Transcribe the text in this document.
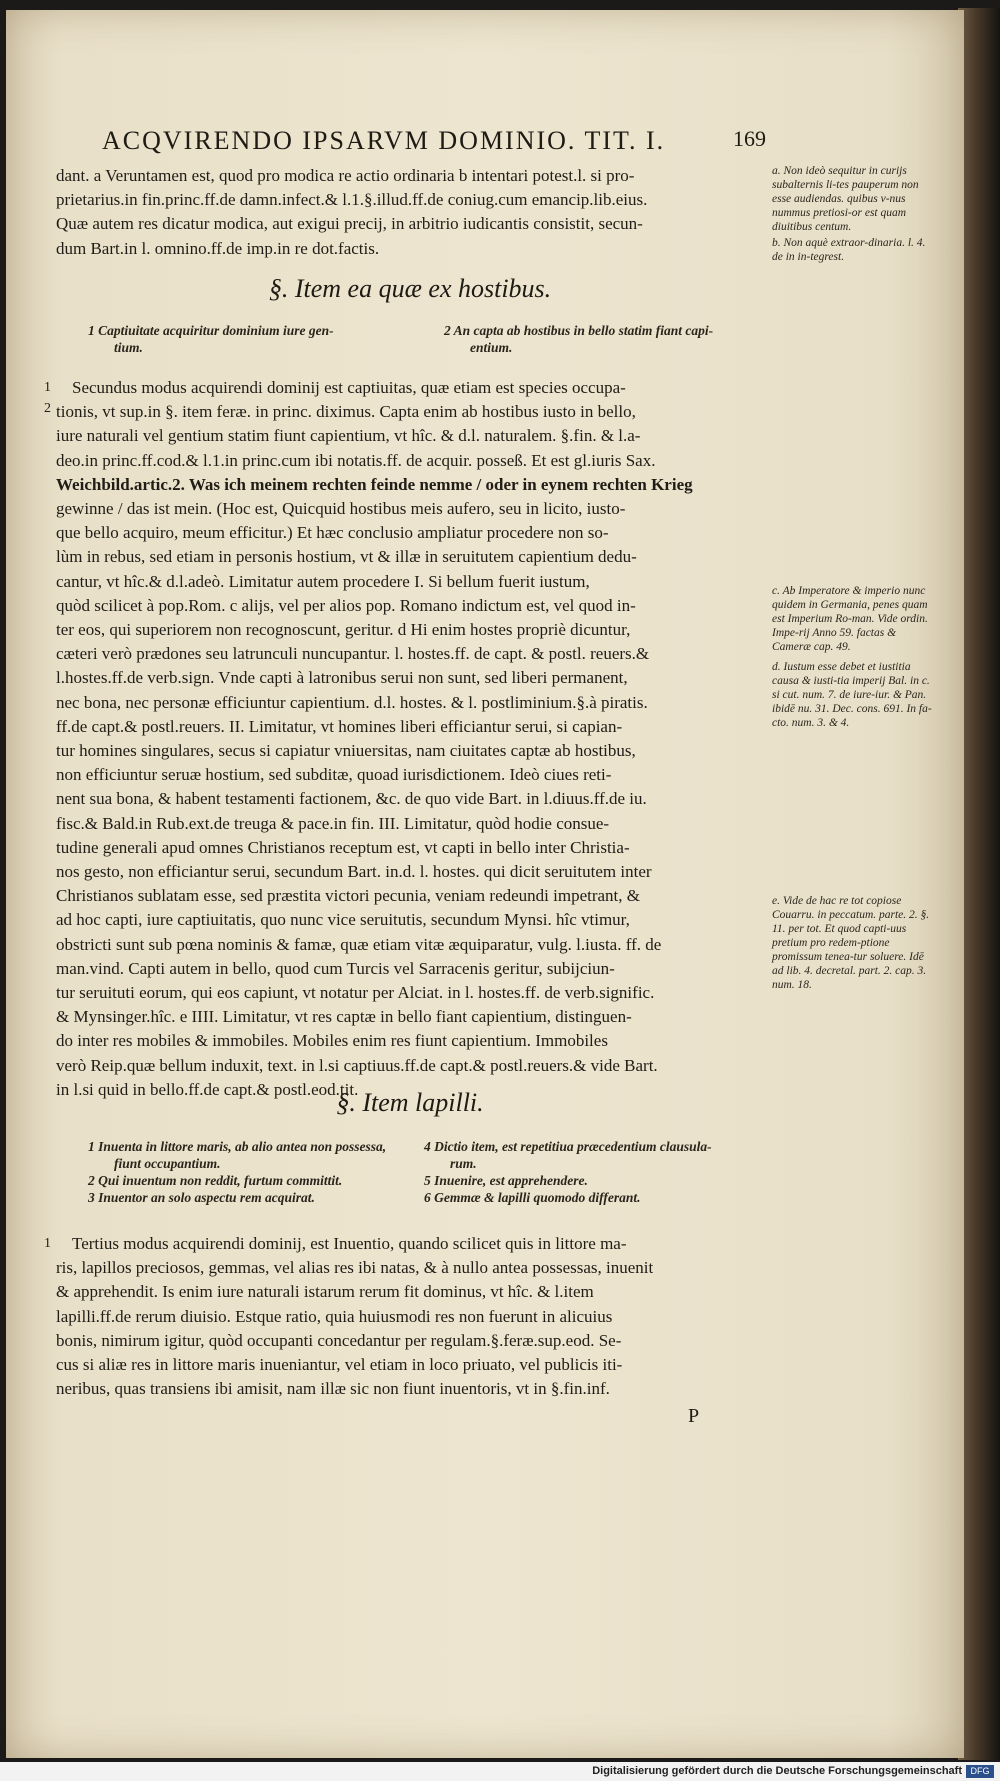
ACQVIRENDO IPSARVM DOMINIO. TIT. I.	169

dant. a Veruntamen est, quod pro modica re actio ordinaria b intentari potest.l. si pro-

prietarius.in fin.princ.ff.de damn.infect.& l.1.§.illud.ff.de coniug.cum emancip.lib.eius.

Quæ autem res dicatur modica, aut exigui precij, in arbitrio iudicantis consistit, secun-

dum Bart.in l. omnino.ff.de imp.in re dot.factis.

§. Item ea quæ ex hostibus.
1 Captiuitate acquiritur dominium iure gen-
tium.
2 An capta ab hostibus in bello statim fiant capi-
entium.
1
2

Secundus modus acquirendi dominij est captiuitas, quæ etiam est species occupa-

tionis, vt sup.in §. item feræ. in princ. diximus. Capta enim ab hostibus iusto in bello,

iure naturali vel gentium statim fiunt capientium, vt hîc. & d.l. naturalem. §.fin. & l.a-

deo.in princ.ff.cod.& l.1.in princ.cum ibi notatis.ff. de acquir. posseß. Et est gl.iuris Sax.

Weichbild.artic.2. Was ich meinem rechten feinde nemme / oder in eynem rechten Krieg

gewinne / das ist mein. (Hoc est, Quicquid hostibus meis aufero, seu in licito, iusto-

que bello acquiro, meum efficitur.) Et hæc conclusio ampliatur procedere non so-

lùm in rebus, sed etiam in personis hostium, vt & illæ in seruitutem capientium dedu-

cantur, vt hîc.& d.l.adeò. Limitatur autem procedere I. Si bellum fuerit iustum,

quòd scilicet à pop.Rom. c alijs, vel per alios pop. Romano indictum est, vel quod in-

ter eos, qui superiorem non recognoscunt, geritur. d Hi enim hostes propriè dicuntur,

cæteri verò prædones seu latrunculi nuncupantur. l. hostes.ff. de capt. & postl. reuers.&

l.hostes.ff.de verb.sign. Vnde capti à latronibus serui non sunt, sed liberi permanent,

nec bona, nec personæ efficiuntur capientium. d.l. hostes. & l. postliminium.§.à piratis.

ff.de capt.& postl.reuers. II. Limitatur, vt homines liberi efficiantur serui, si capian-

tur homines singulares, secus si capiatur vniuersitas, nam ciuitates captæ ab hostibus,

non efficiuntur seruæ hostium, sed subditæ, quoad iurisdictionem. Ideò ciues reti-

nent sua bona, & habent testamenti factionem, &c. de quo vide Bart. in l.diuus.ff.de iu.

fisc.& Bald.in Rub.ext.de treuga & pace.in fin. III. Limitatur, quòd hodie consue-

tudine generali apud omnes Christianos receptum est, vt capti in bello inter Christia-

nos gesto, non efficiantur serui, secundum Bart. in.d. l. hostes. qui dicit seruitutem inter

Christianos sublatam esse, sed præstita victori pecunia, veniam redeundi impetrant, &

ad hoc capti, iure captiuitatis, quo nunc vice seruitutis, secundum Mynsi. hîc vtimur,

obstricti sunt sub pœna nominis & famæ, quæ etiam vitæ æquiparatur, vulg. l.iusta. ff. de

man.vind. Capti autem in bello, quod cum Turcis vel Sarracenis geritur, subijciun-

tur seruituti eorum, qui eos capiunt, vt notatur per Alciat. in l. hostes.ff. de verb.signific.

& Mynsinger.hîc. e IIII. Limitatur, vt res captæ in bello fiant capientium, distinguen-

do inter res mobiles & immobiles. Mobiles enim res fiunt capientium. Immobiles

verò Reip.quæ bellum induxit, text. in l.si captiuus.ff.de capt.& postl.reuers.& vide Bart.

in l.si quid in bello.ff.de capt.& postl.eod.tit.

§. Item lapilli.
1 Inuenta in littore maris, ab alio antea non possessa,
fiunt occupantium.
2 Qui inuentum non reddit, furtum committit.
3 Inuentor an solo aspectu rem acquirat.
4 Dictio item, est repetitiua præcedentium clausula-
rum.
5 Inuenire, est apprehendere.
6 Gemmæ & lapilli quomodo differant.
1	Tertius modus acquirendi dominij, est Inuentio, quando scilicet quis in littore ma-

ris, lapillos preciosos, gemmas, vel alias res ibi natas, & à nullo antea possessas, inuenit

& apprehendit. Is enim iure naturali istarum rerum fit dominus, vt hîc. & l.item

lapilli.ff.de rerum diuisio. Estque ratio, quia huiusmodi res non fuerunt in alicuius

bonis, nimirum igitur, quòd occupanti concedantur per regulam.§.feræ.sup.eod. Se-

cus si aliæ res in littore maris inueniantur, vel etiam in loco priuato, vel publicis iti-

neribus, quas transiens ibi amisit, nam illæ sic non fiunt inuentoris, vt in §.fin.inf.

P
a. Non ideò sequitur in curijs subalternis li-tes pauperum non esse audiendas. quibus v-nus nummus pretiosi-or est quam diuitibus centum.
b. Non aquè extraor-dinaria. l. 4. de in in-tegrest.
c. Ab Imperatore & imperio nunc quidem in Germania, penes quam est Imperium Ro-man. Vide ordin. Impe-rij Anno 59. factas & Cameræ cap. 49.
d. Iustum esse debet et iustitia causa & iusti-tia imperij Bal. in c. si cut. num. 7. de iure-iur. & Pan. ibidē nu. 31. Dec. cons. 691. In fa-cto. num. 3. & 4.
e. Vide de hac re tot copiose Couarru. in peccatum. parte. 2. §. 11. per tot. Et quod capti-uus pretium pro redem-ptione promissum tenea-tur soluere. Idē ad lib. 4. decretal. part. 2. cap. 3. num. 18.
Digitalisierung gefördert durch die Deutsche Forschungsgemeinschaft DFG
